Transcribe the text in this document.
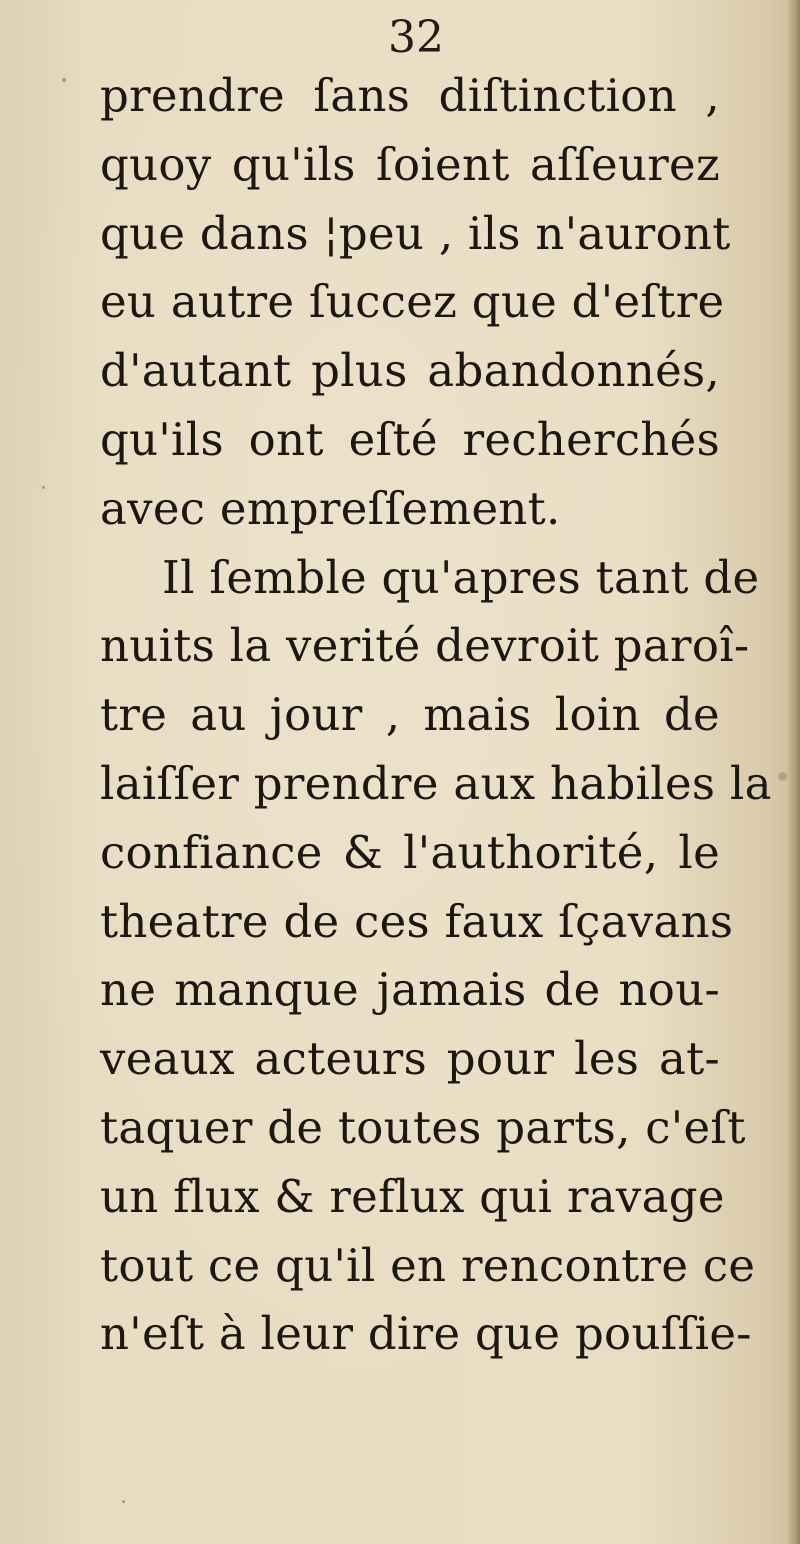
32

prendre ſans diſtinction ,
quoy qu'ils ſoient aſſeurez
que dans ¦peu , ils n'auront
eu autre ſuccez que d'eſtre
d'autant plus abandonnés,
qu'ils ont eſté recherchés
avec empreſſement.
Il ſemble qu'apres tant de
nuits la verité devroit paroî-
tre au jour , mais loin de
laiſſer prendre aux habiles la
confiance & l'authorité, le
theatre de ces faux ſçavans
ne manque jamais de nou-
veaux acteurs pour les at-
taquer de toutes parts, c'eſt
un flux & reflux qui ravage
tout ce qu'il en rencontre ce
n'eſt à leur dire que pouſſie-
